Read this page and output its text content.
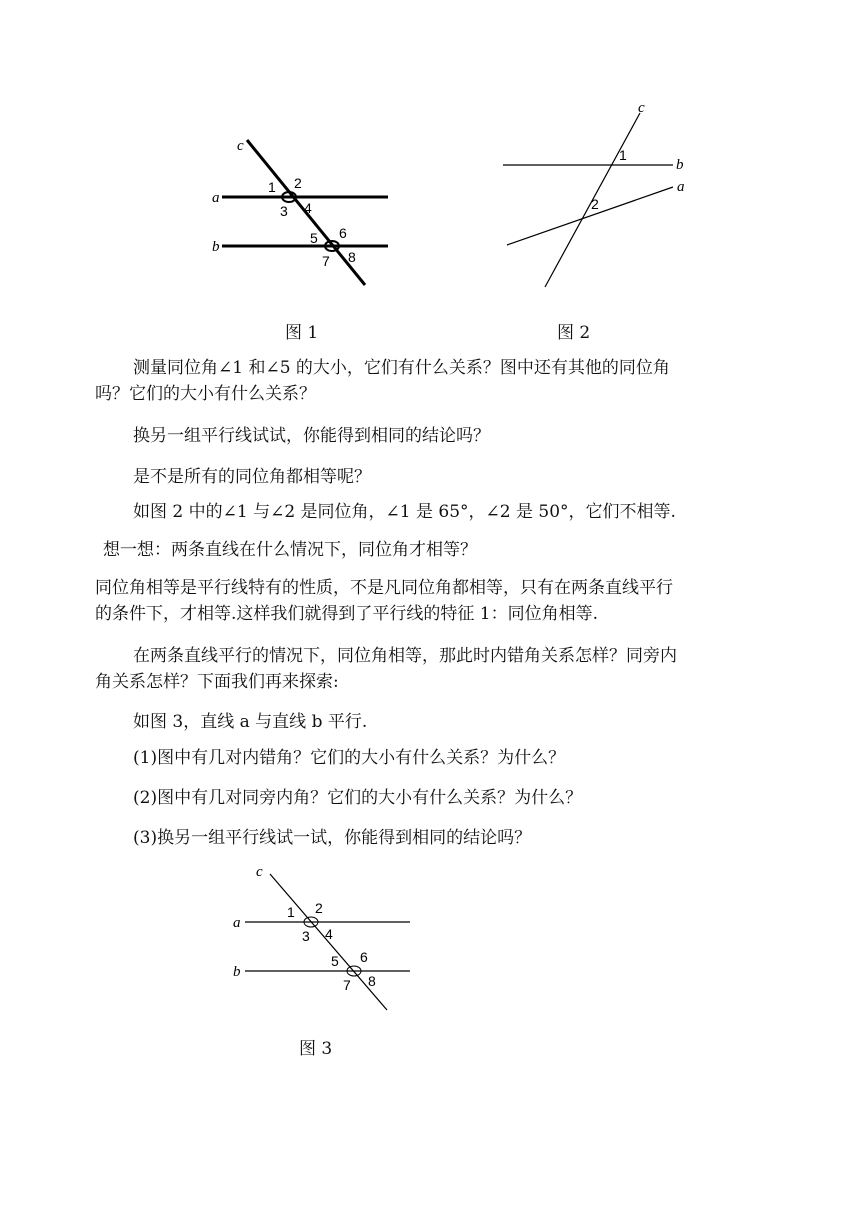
c
a
b
1 2
3 4
5 6
7 8
c
b
a
1
2
图 1	图 2
测量同位角∠1 和∠5 的大小，它们有什么关系？图中还有其他的同位角
吗？它们的大小有什么关系？
换另一组平行线试试，你能得到相同的结论吗？
是不是所有的同位角都相等呢？
如图 2 中的∠1 与∠2 是同位角，∠1 是 65°，∠2 是 50°，它们不相等.
想一想：两条直线在什么情况下，同位角才相等？
同位角相等是平行线特有的性质，不是凡同位角都相等，只有在两条直线平行
的条件下，才相等.这样我们就得到了平行线的特征 1：同位角相等.
在两条直线平行的情况下，同位角相等，那此时内错角关系怎样？同旁内
角关系怎样？下面我们再来探索:
如图 3，直线 a 与直线 b 平行.
(1)图中有几对内错角？它们的大小有什么关系？为什么？
(2)图中有几对同旁内角？它们的大小有什么关系？为什么？
(3)换另一组平行线试一试，你能得到相同的结论吗？
c
a
b
1 2
3 4
5 6
7 8
图 3
